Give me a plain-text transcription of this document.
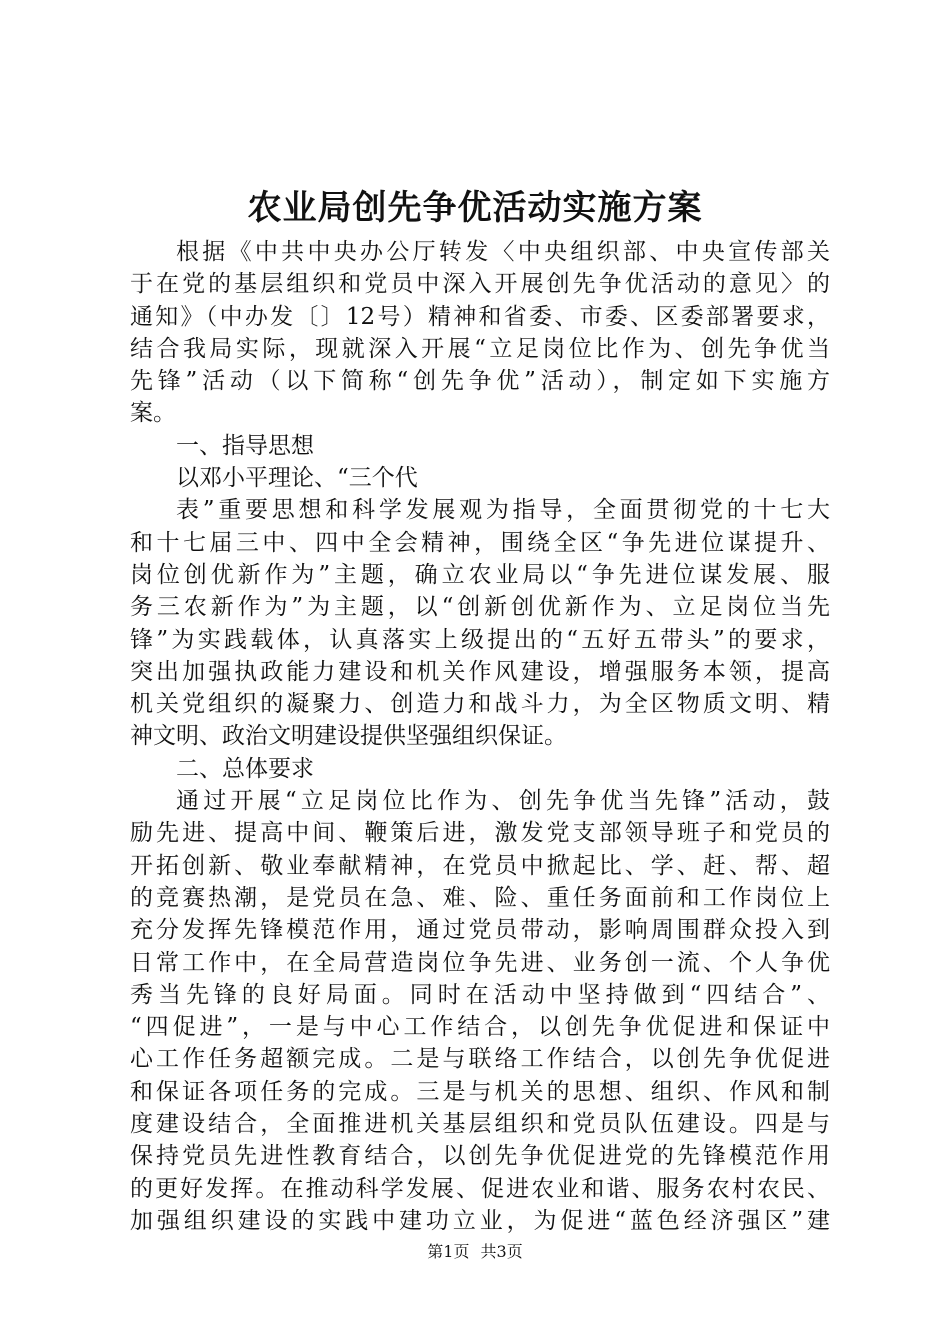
农业局创先争优活动实施方案
根据《中共中央办公厅转发〈中央组织部、中央宣传部关
于在党的基层组织和党员中深入开展创先争优活动的意见〉的
通知》（中办发〔〕12号）精神和省委、市委、区委部署要求，
结合我局实际，现就深入开展“立足岗位比作为、创先争优当
先锋”活动（以下简称“创先争优”活动），制定如下实施方
案。
一、指导思想
以邓小平理论、“三个代
表”重要思想和科学发展观为指导，全面贯彻党的十七大
和十七届三中、四中全会精神，围绕全区“争先进位谋提升、
岗位创优新作为”主题，确立农业局以“争先进位谋发展、服
务三农新作为”为主题，以“创新创优新作为、立足岗位当先
锋”为实践载体，认真落实上级提出的“五好五带头”的要求，
突出加强执政能力建设和机关作风建设，增强服务本领，提高
机关党组织的凝聚力、创造力和战斗力，为全区物质文明、精
神文明、政治文明建设提供坚强组织保证。
二、总体要求
通过开展“立足岗位比作为、创先争优当先锋”活动，鼓
励先进、提高中间、鞭策后进，激发党支部领导班子和党员的
开拓创新、敬业奉献精神，在党员中掀起比、学、赶、帮、超
的竞赛热潮，是党员在急、难、险、重任务面前和工作岗位上
充分发挥先锋模范作用，通过党员带动，影响周围群众投入到
日常工作中，在全局营造岗位争先进、业务创一流、个人争优
秀当先锋的良好局面。同时在活动中坚持做到“四结合”、
“四促进”，一是与中心工作结合，以创先争优促进和保证中
心工作任务超额完成。二是与联络工作结合，以创先争优促进
和保证各项任务的完成。三是与机关的思想、组织、作风和制
度建设结合，全面推进机关基层组织和党员队伍建设。四是与
保持党员先进性教育结合，以创先争优促进党的先锋模范作用
的更好发挥。在推动科学发展、促进农业和谐、服务农村农民、
加强组织建设的实践中建功立业，为促进“蓝色经济强区”建
第1页 共3页
